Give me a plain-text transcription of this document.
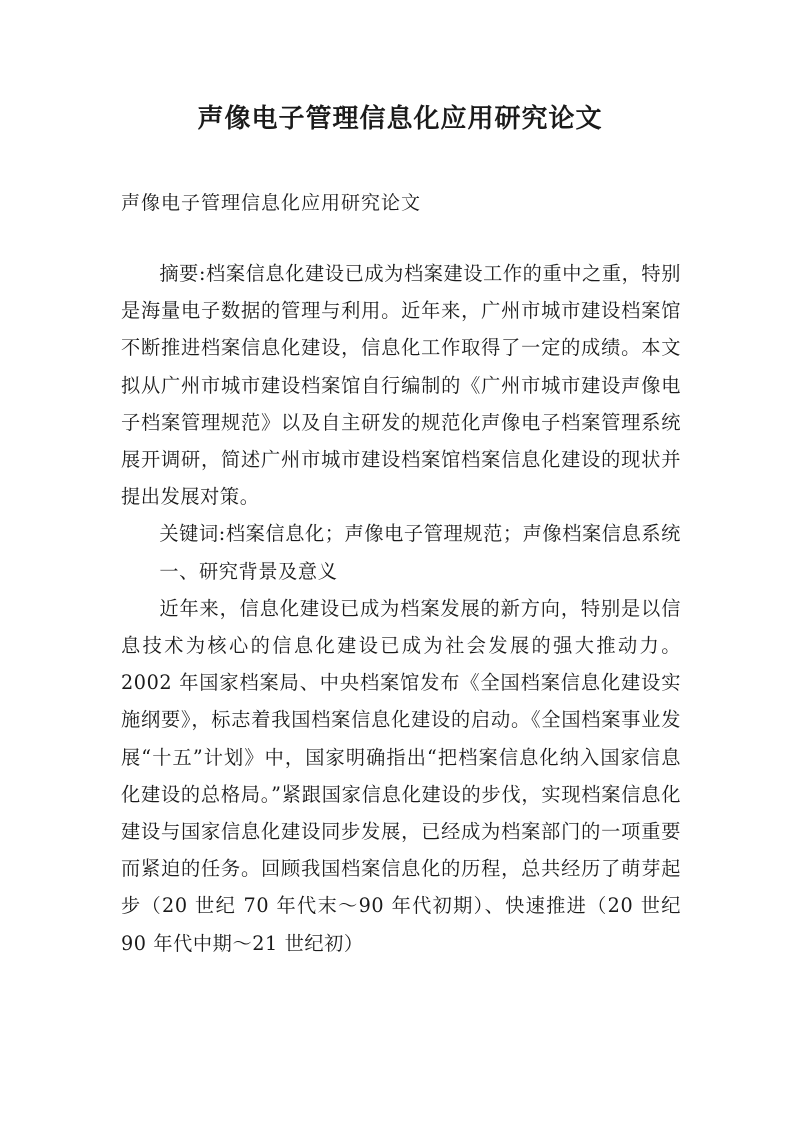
声像电子管理信息化应用研究论文

声像电子管理信息化应用研究论文

摘要:档案信息化建设已成为档案建设工作的重中之重，特别是海量电子数据的管理与利用。近年来，广州市城市建设档案馆不断推进档案信息化建设，信息化工作取得了一定的成绩。本文拟从广州市城市建设档案馆自行编制的《广州市城市建设声像电子档案管理规范》以及自主研发的规范化声像电子档案管理系统展开调研，简述广州市城市建设档案馆档案信息化建设的现状并提出发展对策。

关键词:档案信息化；声像电子管理规范；声像档案信息系统

一、研究背景及意义

近年来，信息化建设已成为档案发展的新方向，特别是以信息技术为核心的信息化建设已成为社会发展的强大推动力。2002 年国家档案局、中央档案馆发布《全国档案信息化建设实施纲要》，标志着我国档案信息化建设的启动。《全国档案事业发展“十五”计划》中，国家明确指出“把档案信息化纳入国家信息化建设的总格局。”紧跟国家信息化建设的步伐，实现档案信息化建设与国家信息化建设同步发展，已经成为档案部门的一项重要而紧迫的任务。回顾我国档案信息化的历程，总共经历了萌芽起步（20 世纪 70 年代末～90 年代初期）、快速推进（20 世纪 90 年代中期～21 世纪初）
